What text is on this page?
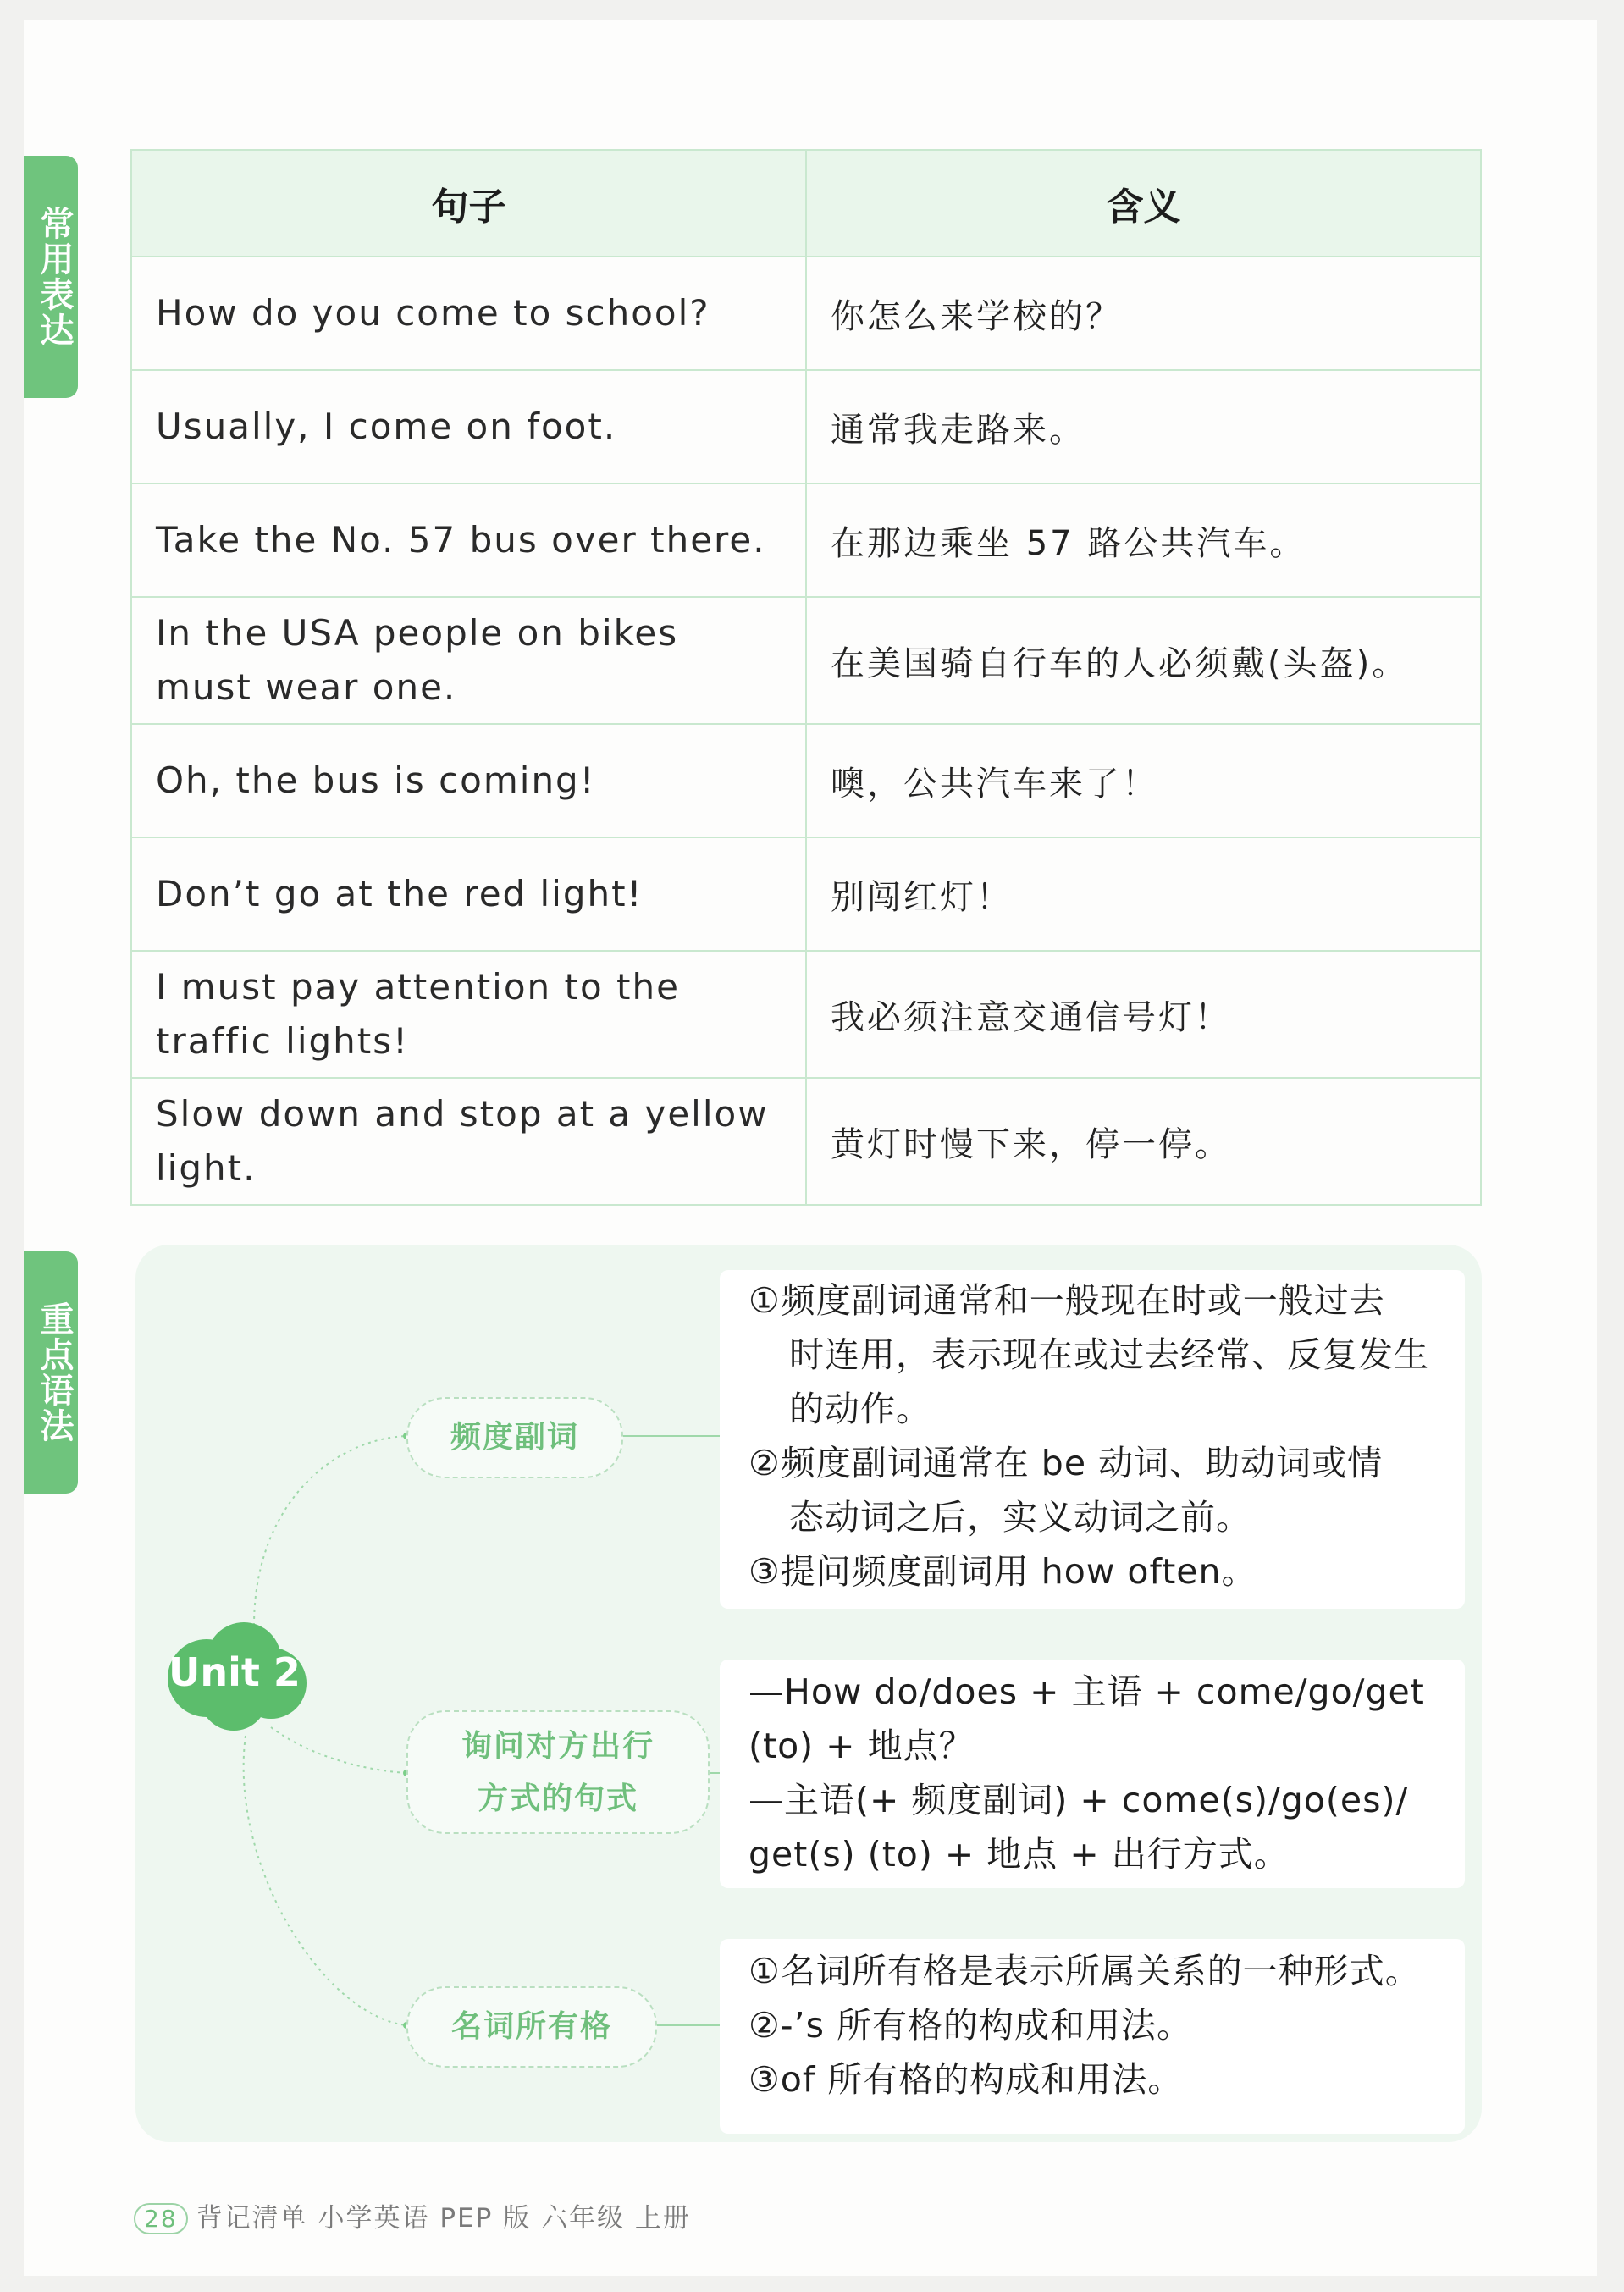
常用表达
重点语法
句子	含义
How do you come to school?	你怎么来学校的？
Usually, I come on foot.	通常我走路来。
Take the No. 57 bus over there.	在那边乘坐 57 路公共汽车。
In the USA people on bikes
must wear one.	在美国骑自行车的人必须戴(头盔)。
Oh, the bus is coming!	噢，公共汽车来了！
Don’t go at the red light!	别闯红灯！
I must pay attention to the
traffic lights!	我必须注意交通信号灯！
Slow down and stop at a yellow
light.	黄灯时慢下来，停一停。
Unit 2
频度副词
询问对方出行
方式的句式
名词所有格
①频度副词通常和一般现在时或一般过去
时连用，表示现在或过去经常、反复发生
的动作。
②频度副词通常在 be 动词、助动词或情
态动词之后，实义动词之前。
③提问频度副词用 how often。
—How do/does + 主语 + come/go/get
(to) + 地点？
—主语(+ 频度副词) + come(s)/go(es)/
get(s) (to) + 地点 + 出行方式。
①名词所有格是表示所属关系的一种形式。
②-’s 所有格的构成和用法。
③of 所有格的构成和用法。
28 背记清单 小学英语 PEP 版 六年级 上册
